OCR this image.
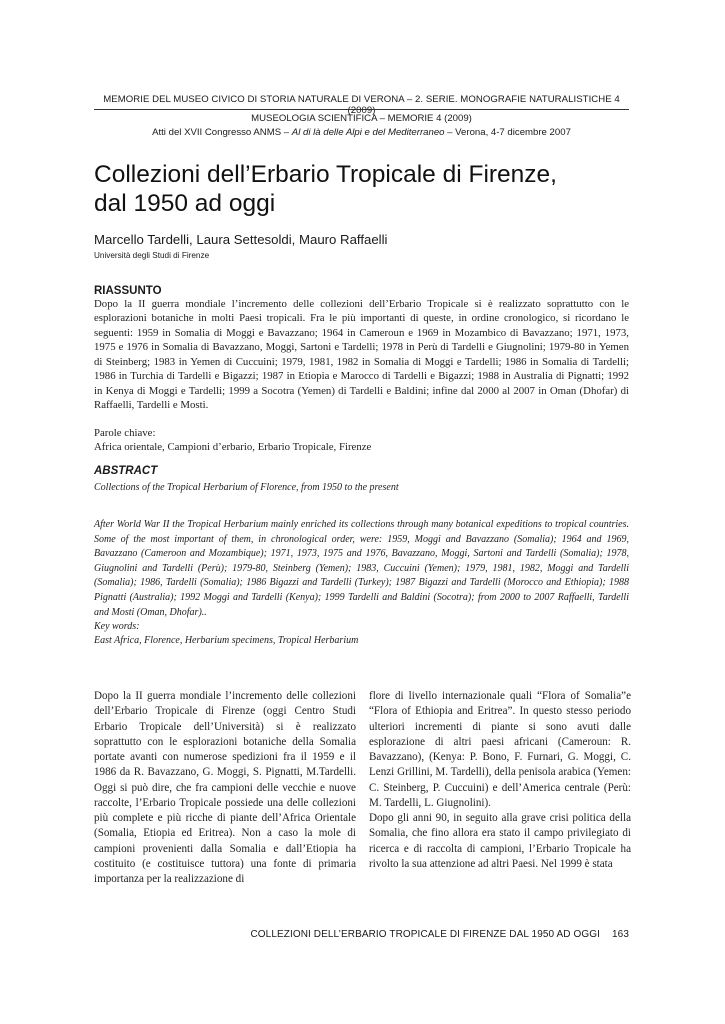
MEMORIE DEL MUSEO CIVICO DI STORIA NATURALE DI VERONA – 2. SERIE. MONOGRAFIE NATURALISTICHE 4 (2009)
MUSEOLOGIA SCIENTIFICA – MEMORIE 4 (2009)
Atti del XVII Congresso ANMS – Al di là delle Alpi e del Mediterraneo – Verona, 4-7 dicembre 2007
Collezioni dell’Erbario Tropicale di Firenze,
dal 1950 ad oggi

Marcello Tardelli, Laura Settesoldi, Mauro Raffaelli

Università degli Studi di Firenze

RIASSUNTO

Dopo la II guerra mondiale l’incremento delle collezioni dell’Erbario Tropicale si è realizzato soprattutto con le esplorazioni botaniche in molti Paesi tropicali. Fra le più importanti di queste, in ordine cronologico, si ricordano le seguenti: 1959 in Somalia di Moggi e Bavazzano; 1964 in Cameroun e 1969 in Mozambico di Bavazzano; 1971, 1973, 1975 e 1976 in Somalia di Bavazzano, Moggi, Sartoni e Tardelli; 1978 in Perù di Tardelli e Giugnolini; 1979-80 in Yemen di Steinberg; 1983 in Yemen di Cuccuini; 1979, 1981, 1982 in Somalia di Moggi e Tardelli; 1986 in Somalia di Tardelli; 1986 in Turchia di Tardelli e Bigazzi; 1987 in Etiopia e Marocco di Tardelli e Bigazzi; 1988 in Australia di Pignatti; 1992 in Kenya di Moggi e Tardelli; 1999 a Socotra (Yemen) di Tardelli e Baldini; infine dal 2000 al 2007 in Oman (Dhofar) di Raffaelli, Tardelli e Mosti.

Parole chiave:

Africa orientale, Campioni d’erbario, Erbario Tropicale, Firenze

ABSTRACT

Collections of the Tropical Herbarium of Florence, from 1950 to the present

After World War II the Tropical Herbarium mainly enriched its collections through many botanical expeditions to tropical countries. Some of the most important of them, in chronological order, were: 1959, Moggi and Bavazzano (Somalia); 1964 and 1969, Bavazzano (Cameroon and Mozambique); 1971, 1973, 1975 and 1976, Bavazzano, Moggi, Sartoni and Tardelli (Somalia); 1978, Giugnolini and Tardelli (Perù); 1979-80, Steinberg (Yemen); 1983, Cuccuini (Yemen); 1979, 1981, 1982, Moggi and Tardelli (Somalia); 1986, Tardelli (Somalia); 1986 Bigazzi and Tardelli (Turkey); 1987 Bigazzi and Tardelli (Morocco and Ethiopia); 1988 Pignatti (Australia); 1992 Moggi and Tardelli (Kenya); 1999 Tardelli and Baldini (Socotra); from 2000 to 2007 Raffaelli, Tardelli and Mosti (Oman, Dhofar)..

Key words:

East Africa, Florence, Herbarium specimens, Tropical Herbarium

Dopo la II guerra mondiale l’incremento delle collezioni dell’Erbario Tropicale di Firenze (oggi Centro Studi Erbario Tropicale dell’Università) si è realizzato soprattutto con le esplorazioni botaniche della Somalia portate avanti con numerose spedizioni fra il 1959 e il 1986 da R. Bavazzano, G. Moggi, S. Pignatti, M.Tardelli. Oggi si può dire, che fra campioni delle vecchie e nuove raccolte, l’Erbario Tropicale possiede una delle collezioni più complete e più ricche di piante dell’Africa Orientale (Somalia, Etiopia ed Eritrea). Non a caso la mole di campioni provenienti dalla Somalia e dall’Etiopia ha costituito (e costituisce tuttora) una fonte di primaria importanza per la realizzazione di

flore di livello internazionale quali “Flora of Somalia”e “Flora of Ethiopia and Eritrea”. In questo stesso periodo ulteriori incrementi di piante si sono avuti dalle esplorazione di altri paesi africani (Cameroun: R. Bavazzano), (Kenya: P. Bono, F. Furnari, G. Moggi, C. Lenzi Grillini, M. Tardelli), della penisola arabica (Yemen: C. Steinberg, P. Cuccuini) e dell’America centrale (Perù: M. Tardelli, L. Giugnolini).
Dopo gli anni 90, in seguito alla grave crisi politica della Somalia, che fino allora era stato il campo privilegiato di ricerca e di raccolta di campioni, l’Erbario Tropicale ha rivolto la sua attenzione ad altri Paesi. Nel 1999 è stata
COLLEZIONI DELL’ERBARIO TROPICALE DI FIRENZE DAL 1950 AD OGGI 163
